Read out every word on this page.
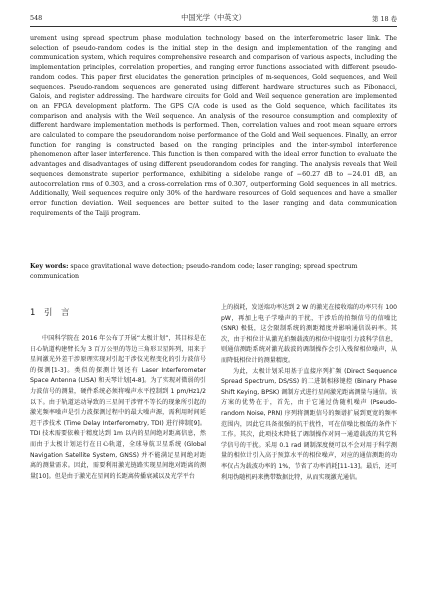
548	中国光学（中英文）	第 18 卷
urement using spread spectrum phase modulation technology based on the interferometric laser link. The selection of pseudo-random codes is the initial step in the design and implementation of the ranging and communication system, which requires comprehensive research and comparison of various aspects, including the implementation principles, correlation properties, and ranging error functions associated with different pseudo-random codes. This paper first elucidates the generation principles of m-sequences, Gold sequences, and Weil sequences. Pseudo-random sequences are generated using different hardware structures such as Fibonacci, Galois, and register addressing. The hardware circuits for Gold and Weil sequence generation are implemented on an FPGA development platform. The GPS C/A code is used as the Gold sequence, which facilitates its comparison and analysis with the Weil sequence. An analysis of the resource consumption and complexity of different hardware implementation methods is performed. Then, correlation values and root mean square errors are calculated to compare the pseudorandom noise performance of the Gold and Weil sequences. Finally, an error function for ranging is constructed based on the ranging principles and the inter-symbol interference phenomenon after laser interference. This function is then compared with the ideal error function to evaluate the advantages and disadvantages of using different pseudorandom codes for ranging. The analysis reveals that Weil sequences demonstrate superior performance, exhibiting a sidelobe range of −60.27 dB to −24.01 dB, an autocorrelation rms of 0.303, and a cross-correlation rms of 0.307, outperforming Gold sequences in all metrics. Additionally, Weil sequences require only 30% of the hardware resources of Gold sequences and have a smaller error function deviation. Weil sequences are better suited to the laser ranging and data communication requirements of the Taiji program.
Key words: space gravitational wave detection; pseudo-random code; laser ranging; spread spectrum communication
1 引 言
中国科学院在 2016 年公布了开展“太极计划”，其目标是在日心轨道构建臂长为 3 百万公里的等边三角形卫星阵列，用来于星间激光外差干涉原理实现对引起干涉仪光程变化的引力波信号的探测[1-3]。类似的探测计划还有 Laser Interferometer Space Antenna (LISA) 和天琴计划[4-8]。为了实现对微弱的引力波信号的测量，硬件系统必须将噪声水平控制到 1 pm/Hz1/2 以下。由于轨道运动导致的三星间干涉臂不等长的现象所引起的激光频率噪声是引力波探测过程中的最大噪声源，需利用时间延迟干涉技术 (Time Delay Interferometry, TDI) 进行抑制[9]。TDI 技术需要依赖于精度达到 1m 以内的星间绝对距离信息，然而由于太极计划运行在日心轨道，全球导航卫星系统 (Global Navigation Satellite System, GNSS) 并不能满足星间绝对距离的测量需求。因此，需要利用激光链路实现星间绝对距离的测量[10]。但是由于激光在星间的长距离传播衰减以及光学平台

上的损耗，发送端功率达到 2 W 的激光在接收端的功率只有 100 pW，再加上电子学噪声的干扰，干涉后的拍频信号的信噪比 (SNR) 极低，这会限制系统的测距精度并影响通信误码率。其次，由于相位计从激光拍频载波的相位中提取引力波科学信息，则通信测距系统对激光载波的调制操作会引入残留相位噪声，从而降低相位计的测量精度。

为此，太极计划采用基于直接序列扩频 (Direct Sequence Spread Spectrum, DS/SS) 的二进制相移键控 (Binary Phase Shift Keying, BPSK) 调制方式进行星间激光距离测量与通信。该方案的优势在于，首先，由于它通过伪随机噪声 (Pseudo-random Noise, PRN) 序列将测距信号的频谱扩展到更宽的频率范围内，因此它具备很强的抗干扰性，可在信噪比极低的条件下工作。其次，此项技术降低了调制操作对同一通道载波的其它科学信号的干扰。采用 0.1 rad 调制深度便可以不会对用于科学测量的相位计引入高于预算水平的相位噪声，对应的通信测距的功率仅占为载波功率的 1%，节省了功率消耗[11-13]。最后，还可利用伪随机码来携带数据比特，从而实现激光通信。
